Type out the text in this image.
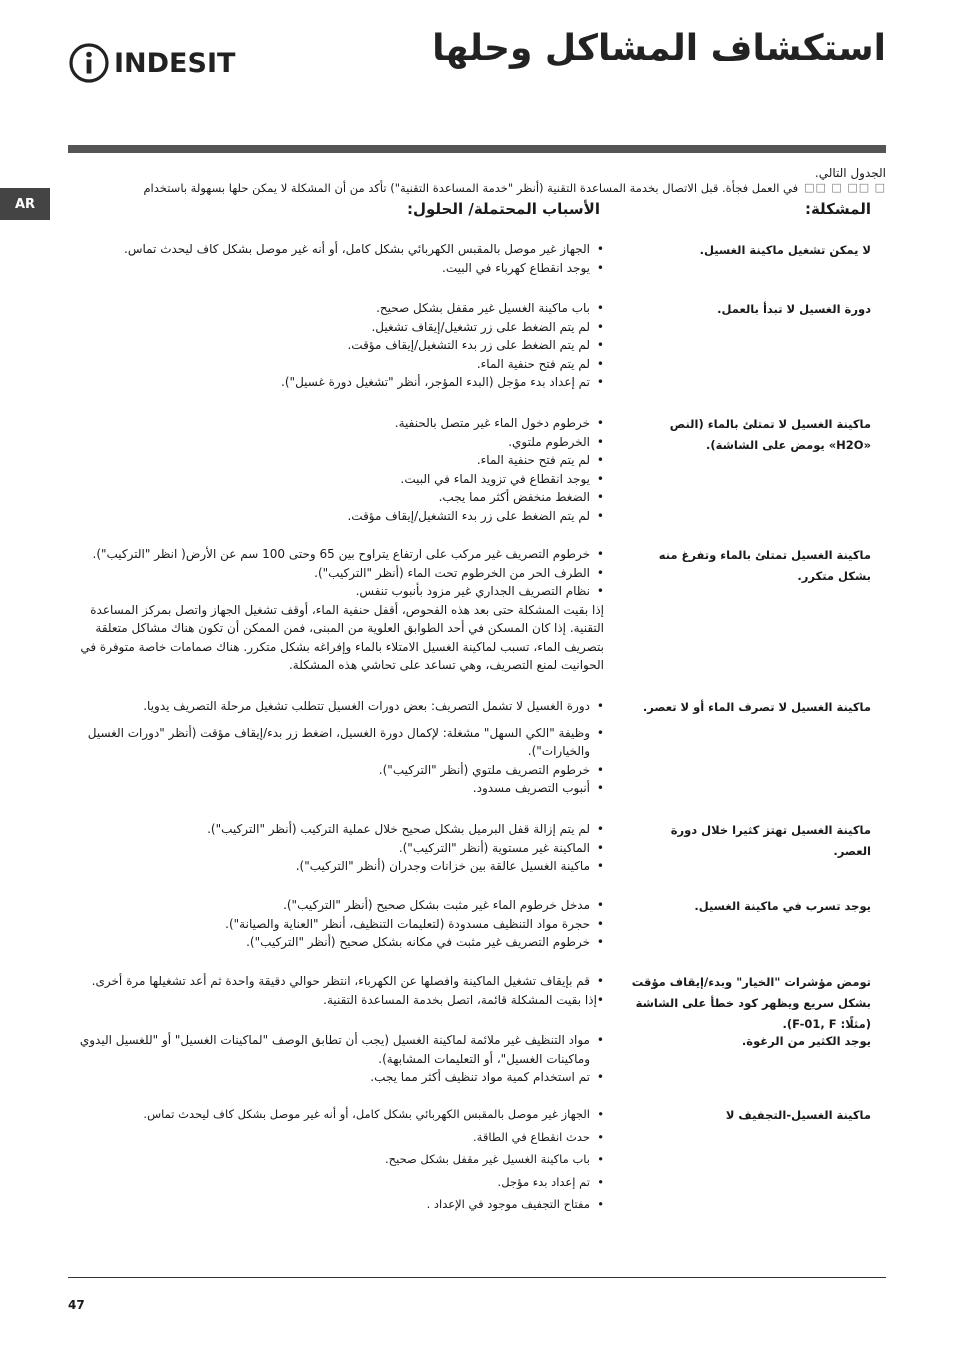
INDESIT	استكشاف المشاكل وحلها
AR
الجدول التالي.
□ □□ □ □□
في العمل فجأة. قبل الاتصال بخدمة المساعدة التقنية (أنظر "خدمة المساعدة التقنية") تأكد من أن المشكلة لا يمكن حلها بسهولة باستخدام
المشكلة:
الأسباب المحتملة/ الحلول:
لا يمكن تشغيل ماكينة الغسيل.
• الجهاز غير موصل بالمقبس الكهربائي بشكل كامل، أو أنه غير موصل بشكل كاف ليحدث تماس.
• يوجد انقطاع كهرباء في البيت.
دورة الغسيل لا تبدأ بالعمل.
• باب ماكينة الغسيل غير مقفل بشكل صحيح.
• لم يتم الضغط على زر تشغيل/إيقاف تشغيل.
• لم يتم الضغط على زر بدء التشغيل/إيقاف مؤقت.
• لم يتم فتح حنفية الماء.
• تم إعداد بدء مؤجل (البدء المؤجر، أنظر "تشغيل دورة غسيل").
ماكينة الغسيل لا تمتلئ بالماء (النص «H2O» يومض على الشاشة).
• خرطوم دخول الماء غير متصل بالحنفية.
• الخرطوم ملتوي.
• لم يتم فتح حنفية الماء.
• يوجد انقطاع في تزويد الماء في البيت.
• الضغط منخفض أكثر مما يجب.
• لم يتم الضغط على زر بدء التشغيل/إيقاف مؤقت.
ماكينة الغسيل تمتلئ بالماء وتفرغ منه بشكل متكرر.
• خرطوم التصريف غير مركب على ارتفاع يتراوح بين 65 وحتى 100 سم عن الأرض( انظر "التركيب").
• الطرف الحر من الخرطوم تحت الماء (أنظر "التركيب").
• نظام التصريف الجداري غير مزود بأنبوب تنفس.
إذا بقيت المشكلة حتى بعد هذه الفحوص، أقفل حنفية الماء، أوقف تشغيل الجهاز واتصل بمركز المساعدة التقنية. إذا كان المسكن في أحد الطوابق العلوية من المبنى، فمن الممكن أن تكون هناك مشاكل متعلقة بتصريف الماء، تسبب لماكينة الغسيل الامتلاء بالماء وإفراغه بشكل متكرر. هناك صمامات خاصة متوفرة في الحوانيت لمنع التصريف، وهي تساعد على تحاشي هذه المشكلة.
ماكينة الغسيل لا تصرف الماء أو لا تعصر.
• دورة الغسيل لا تشمل التصريف: بعض دورات الغسيل تتطلب تشغيل مرحلة التصريف يدويا.
• وظيفة "الكي السهل" مشغلة: لإكمال دورة الغسيل، اضغط زر بدء/إيقاف مؤقت (أنظر "دورات الغسيل والخيارات").
• خرطوم التصريف ملتوي (أنظر "التركيب").
• أنبوب التصريف مسدود.
ماكينة الغسيل تهتز كثيرا خلال دورة العصر.
• لم يتم إزالة قفل البرميل بشكل صحيح خلال عملية التركيب (أنظر "التركيب").
• الماكينة غير مستوية (أنظر "التركيب").
• ماكينة الغسيل عالقة بين خزانات وجدران (أنظر "التركيب").
يوجد تسرب في ماكينة الغسيل.
• مدخل خرطوم الماء غير مثبت بشكل صحيح (أنظر "التركيب").
• حجرة مواد التنظيف مسدودة (لتعليمات التنظيف، أنظر "العناية والصيانة").
• خرطوم التصريف غير مثبت في مكانه بشكل صحيح (أنظر "التركيب").
تومض مؤشرات "الخيار" وبدء/إيقاف مؤقت بشكل سريع ويظهر كود خطأ على الشاشة (مثلًا: F-01, F).
• قم بإيقاف تشغيل الماكينة وافصلها عن الكهرباء، انتظر حوالي دقيقة واحدة ثم أعد تشغيلها مرة أخرى.
•إذا بقيت المشكلة قائمة، اتصل بخدمة المساعدة التقنية.
يوجد الكثير من الرغوة.
• مواد التنظيف غير ملائمة لماكينة الغسيل (يجب أن تطابق الوصف "لماكينات الغسيل" أو "للغسيل اليدوي وماكينات الغسيل"، أو التعليمات المشابهة).
• تم استخدام كمية مواد تنظيف أكثر مما يجب.
ماكينة الغسيل-التجفيف لا
• الجهاز غير موصل بالمقبس الكهربائي بشكل كامل، أو أنه غير موصل بشكل كاف ليحدث تماس.
• حدث انقطاع في الطاقة.
• باب ماكينة الغسيل غير مقفل بشكل صحيح.
• تم إعداد بدء مؤجل.
• مفتاح التجفيف موجود في الإعداد .
47
